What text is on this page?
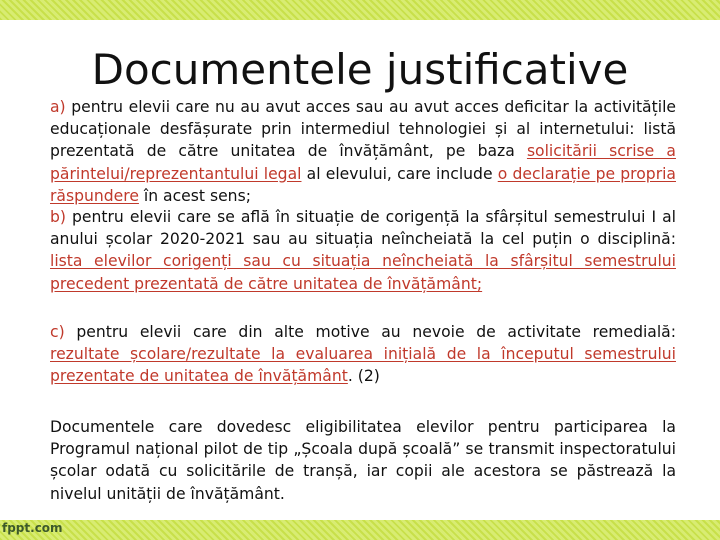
Documentele justificative

a) pentru elevii care nu au avut acces sau au avut acces deficitar la activitățile educaționale desfășurate prin intermediul tehnologiei și al internetului: listă prezentată de către unitatea de învățământ, pe baza solicitării scrise a părintelui/reprezentantului legal al elevului, care include o declarație pe propria răspundere în acest sens;

b) pentru elevii care se află în situație de corigență la sfârșitul semestrului I al anului școlar 2020-2021 sau au situația neîncheiată la cel puțin o disciplină: lista elevilor corigenți sau cu situația neîncheiată la sfârșitul semestrului precedent prezentată de către unitatea de învățământ;

c) pentru elevii care din alte motive au nevoie de activitate remedială: rezultate școlare/rezultate la evaluarea inițială de la începutul semestrului prezentate de unitatea de învățământ. (2)

Documentele care dovedesc eligibilitatea elevilor pentru participarea la Programul național pilot de tip „Școala după școală” se transmit inspectoratului școlar odată cu solicitările de tranșă, iar copii ale acestora se păstrează la nivelul unității de învățământ.

fppt.com
